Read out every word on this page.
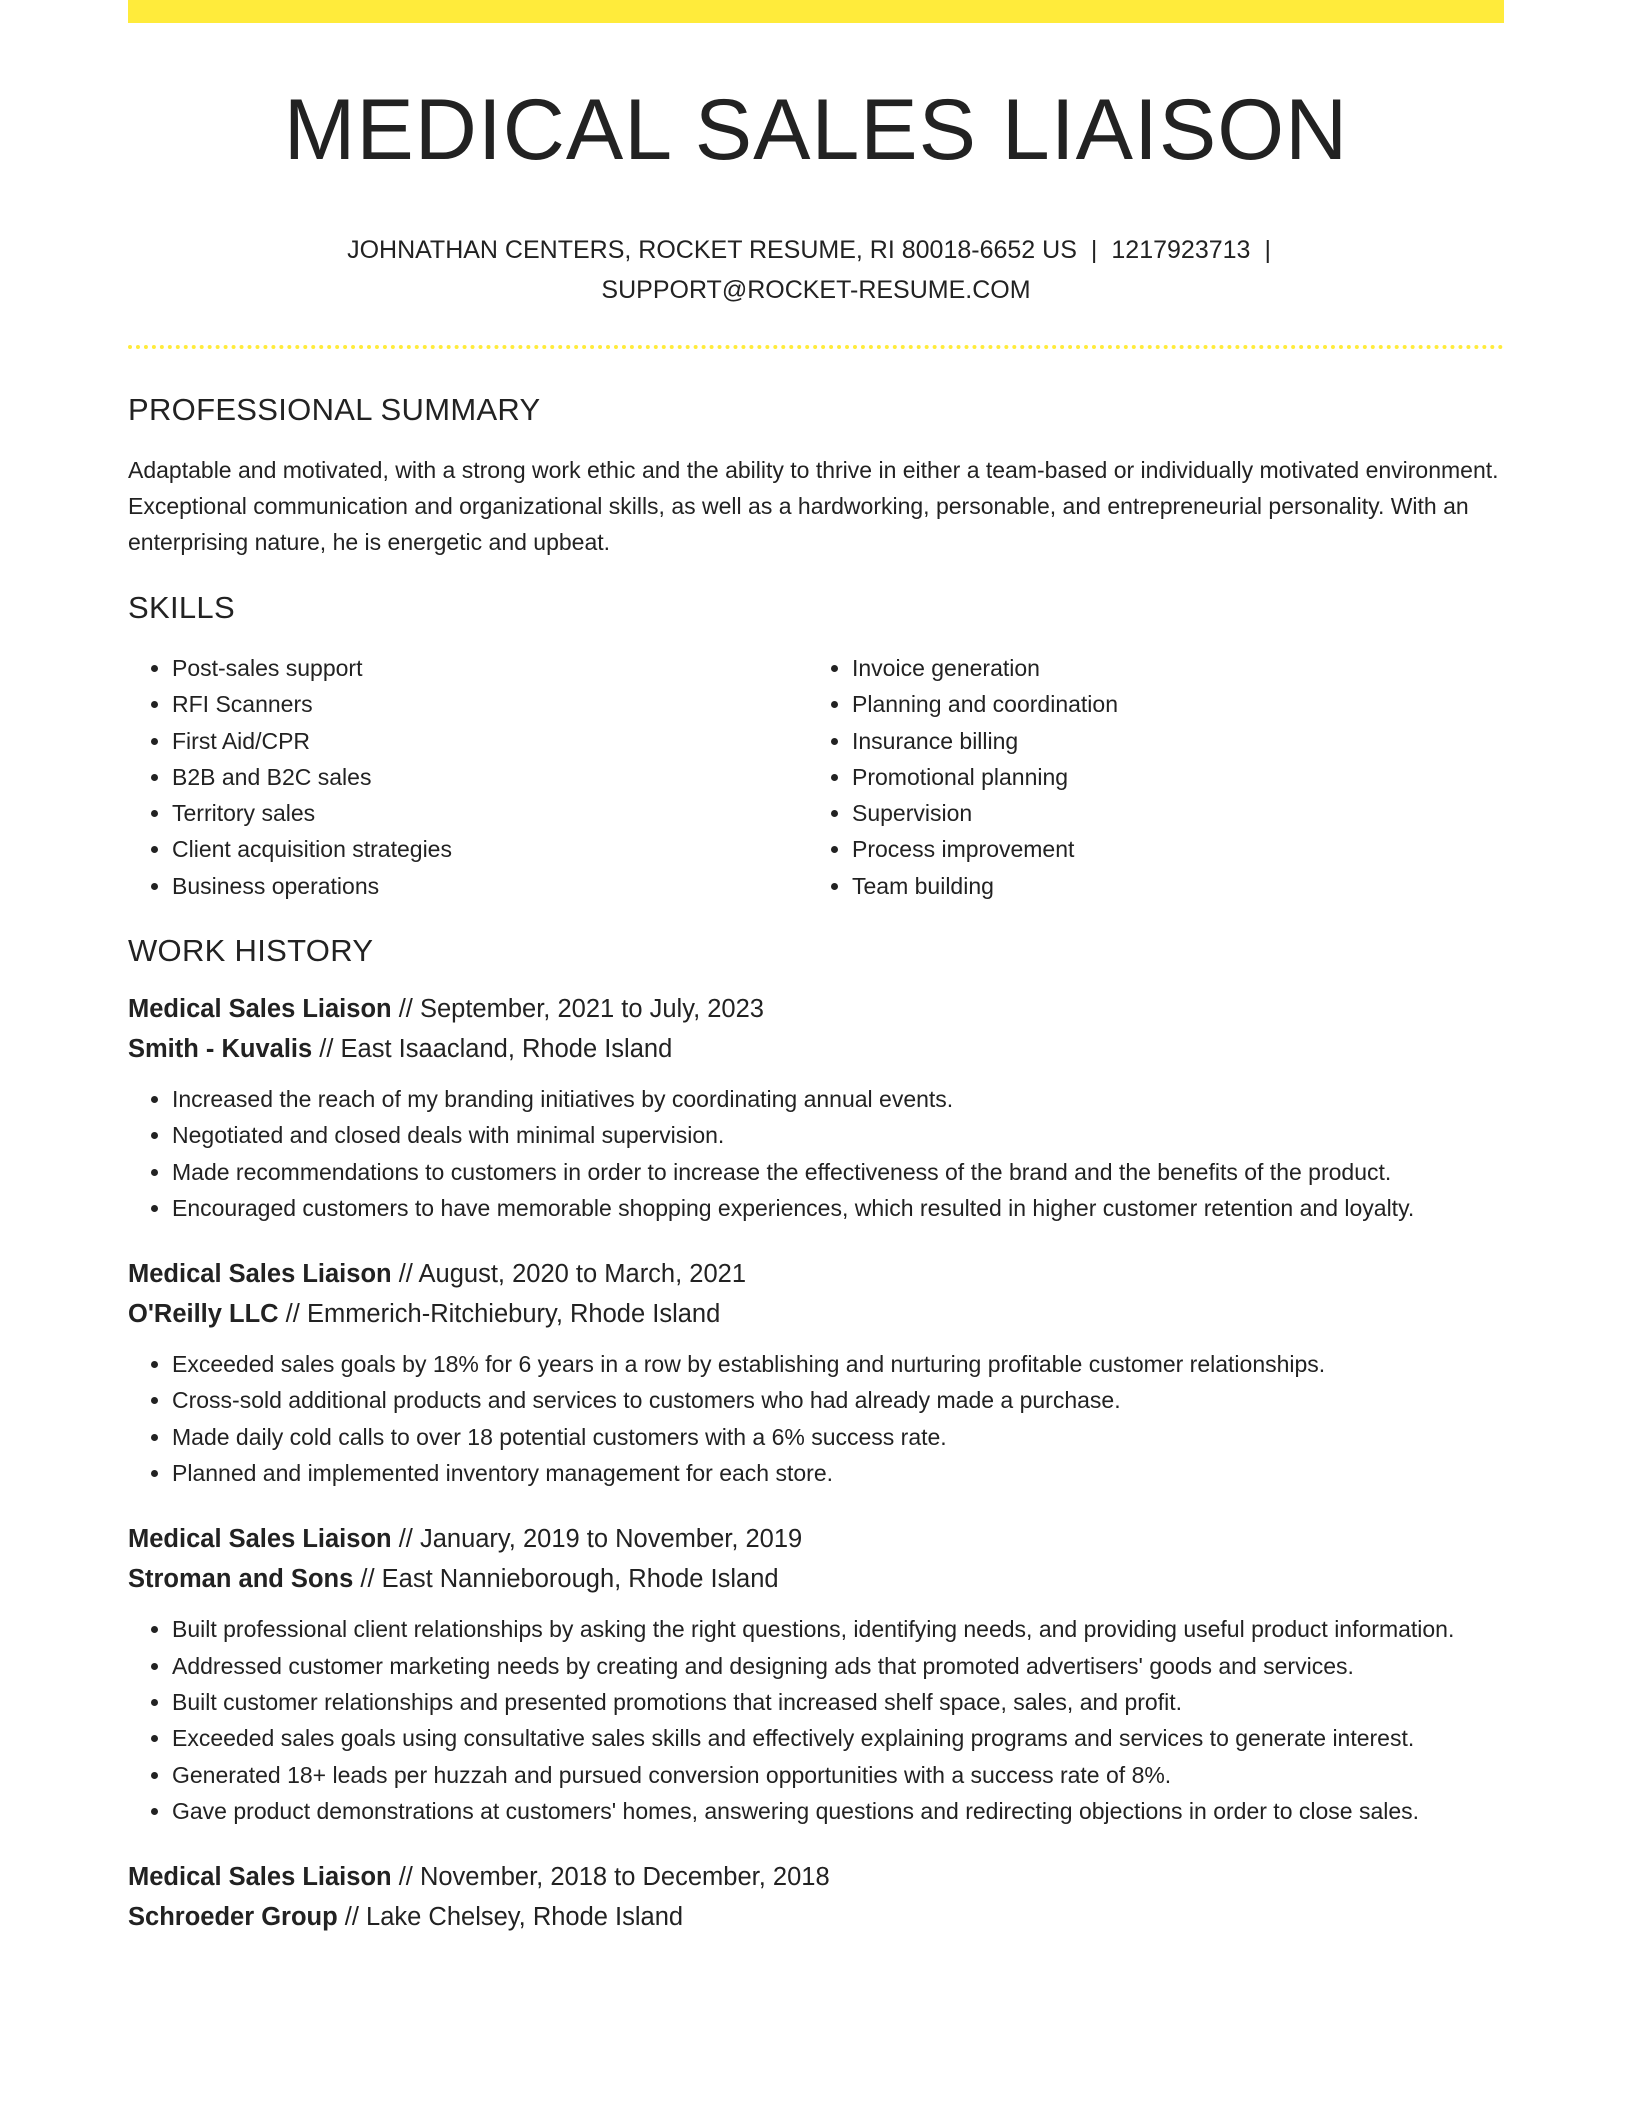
MEDICAL SALES LIAISON
JOHNATHAN CENTERS, ROCKET RESUME, RI 80018-6652 US | 1217923713 |
SUPPORT@ROCKET-RESUME.COM
PROFESSIONAL SUMMARY

Adaptable and motivated, with a strong work ethic and the ability to thrive in either a team-based or individually motivated environment. Exceptional communication and organizational skills, as well as a hardworking, personable, and entrepreneurial personality. With an enterprising nature, he is energetic and upbeat.

SKILLS
• Post-sales support
• RFI Scanners
• First Aid/CPR
• B2B and B2C sales
• Territory sales
• Client acquisition strategies
• Business operations
• Invoice generation
• Planning and coordination
• Insurance billing
• Promotional planning
• Supervision
• Process improvement
• Team building
WORK HISTORY
Medical Sales Liaison // September, 2021 to July, 2023
Smith - Kuvalis // East Isaacland, Rhode Island
• Increased the reach of my branding initiatives by coordinating annual events.
• Negotiated and closed deals with minimal supervision.
• Made recommendations to customers in order to increase the effectiveness of the brand and the benefits of the product.
• Encouraged customers to have memorable shopping experiences, which resulted in higher customer retention and loyalty.
Medical Sales Liaison // August, 2020 to March, 2021
O'Reilly LLC // Emmerich-Ritchiebury, Rhode Island
• Exceeded sales goals by 18% for 6 years in a row by establishing and nurturing profitable customer relationships.
• Cross-sold additional products and services to customers who had already made a purchase.
• Made daily cold calls to over 18 potential customers with a 6% success rate.
• Planned and implemented inventory management for each store.
Medical Sales Liaison // January, 2019 to November, 2019
Stroman and Sons // East Nannieborough, Rhode Island
• Built professional client relationships by asking the right questions, identifying needs, and providing useful product information.
• Addressed customer marketing needs by creating and designing ads that promoted advertisers' goods and services.
• Built customer relationships and presented promotions that increased shelf space, sales, and profit.
• Exceeded sales goals using consultative sales skills and effectively explaining programs and services to generate interest.
• Generated 18+ leads per huzzah and pursued conversion opportunities with a success rate of 8%.
• Gave product demonstrations at customers' homes, answering questions and redirecting objections in order to close sales.
Medical Sales Liaison // November, 2018 to December, 2018
Schroeder Group // Lake Chelsey, Rhode Island
